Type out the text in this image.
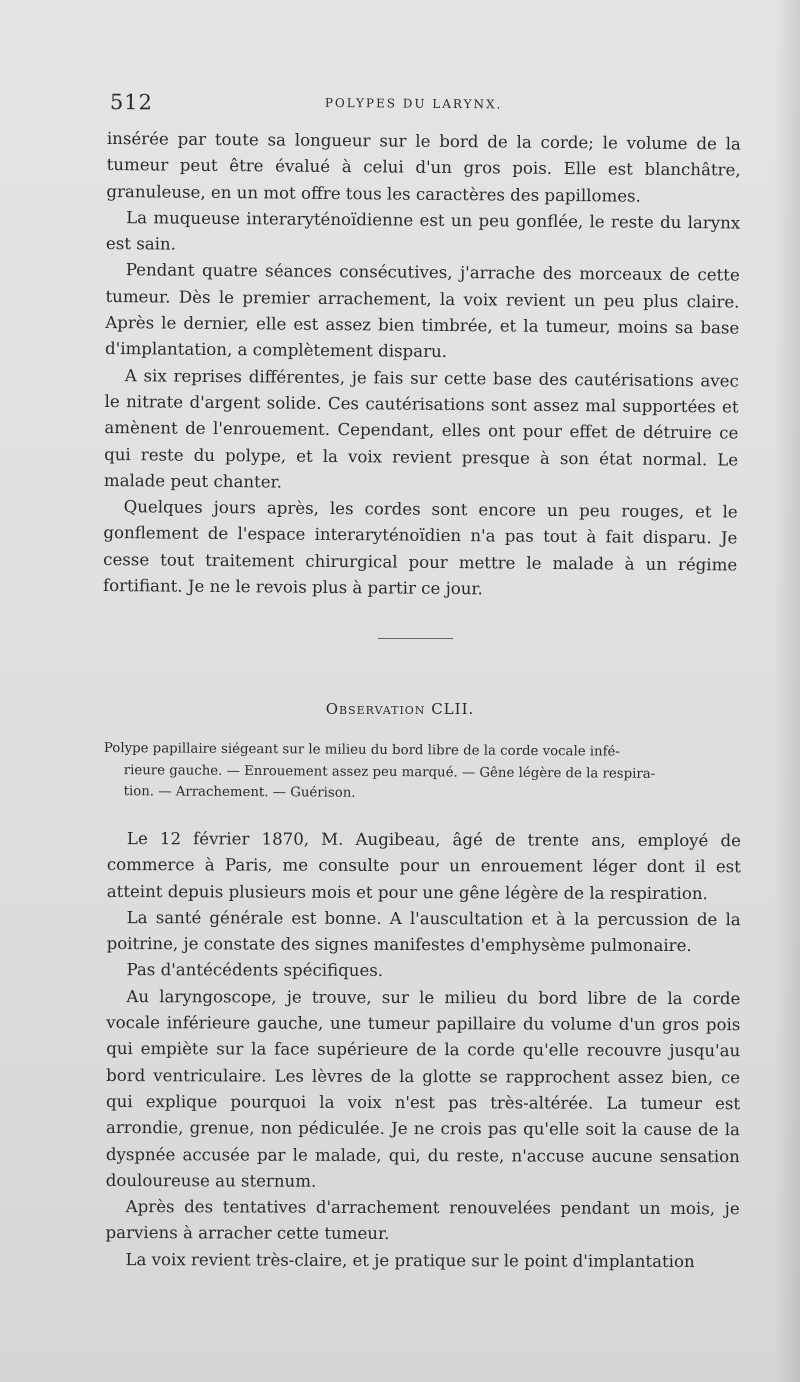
512	POLYPES DU LARYNX.

insérée par toute sa longueur sur le bord de la corde; le volume de la tumeur peut être évalué à celui d'un gros pois. Elle est blanchâtre, granuleuse, en un mot offre tous les caractères des papillomes.

La muqueuse interaryténoïdienne est un peu gonflée, le reste du larynx est sain.

Pendant quatre séances consécutives, j'arrache des morceaux de cette tumeur. Dès le premier arrachement, la voix revient un peu plus claire. Après le dernier, elle est assez bien timbrée, et la tumeur, moins sa base d'implantation, a complètement disparu.

A six reprises différentes, je fais sur cette base des cautérisations avec le nitrate d'argent solide. Ces cautérisations sont assez mal supportées et amènent de l'enrouement. Cependant, elles ont pour effet de détruire ce qui reste du polype, et la voix revient presque à son état normal. Le malade peut chanter.

Quelques jours après, les cordes sont encore un peu rouges, et le gonflement de l'espace interaryténoïdien n'a pas tout à fait disparu. Je cesse tout traitement chirurgical pour mettre le malade à un régime fortifiant. Je ne le revois plus à partir ce jour.

Observation CLII.
Polype papillaire siégeant sur le milieu du bord libre de la corde vocale infé-
rieure gauche. — Enrouement assez peu marqué. — Gêne légère de la respira-
tion. — Arrachement. — Guérison.

Le 12 février 1870, M. Augibeau, âgé de trente ans, employé de commerce à Paris, me consulte pour un enrouement léger dont il est atteint depuis plusieurs mois et pour une gêne légère de la respiration.

La santé générale est bonne. A l'auscultation et à la percussion de la poitrine, je constate des signes manifestes d'emphysème pulmonaire.

Pas d'antécédents spécifiques.

Au laryngoscope, je trouve, sur le milieu du bord libre de la corde vocale inférieure gauche, une tumeur papillaire du volume d'un gros pois qui empiète sur la face supérieure de la corde qu'elle recouvre jusqu'au bord ventriculaire. Les lèvres de la glotte se rapprochent assez bien, ce qui explique pourquoi la voix n'est pas très-altérée. La tumeur est arrondie, grenue, non pédiculée. Je ne crois pas qu'elle soit la cause de la dyspnée accusée par le malade, qui, du reste, n'accuse aucune sensation douloureuse au sternum.

Après des tentatives d'arrachement renouvelées pendant un mois, je parviens à arracher cette tumeur.

La voix revient très-claire, et je pratique sur le point d'implantation
